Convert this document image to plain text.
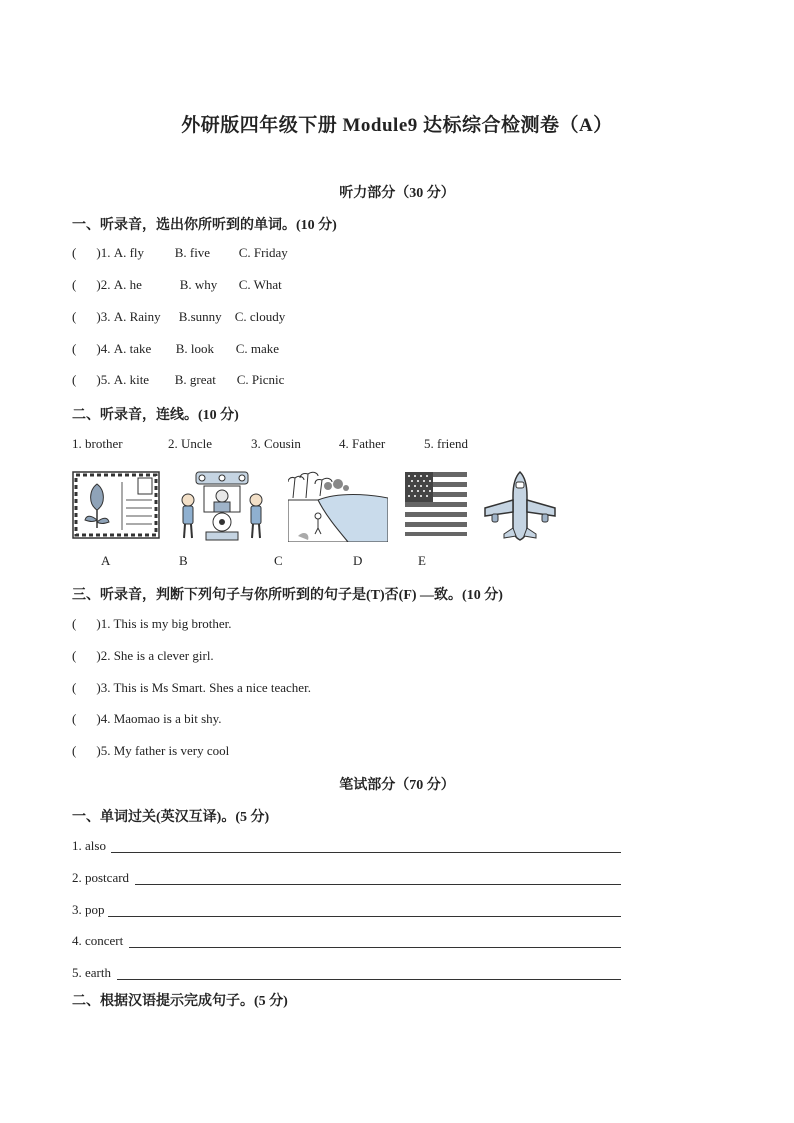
外研版四年级下册 Module9 达标综合检测卷（A）
听力部分（30 分）
一、听录音，选出你所听到的单词。(10 分)
( )1. A. fly B. five C. Friday
( )2. A. he	B. why C. What
( )3. A. Rainy B.sunny C. cloudy
( )4. A. take B. look C. make
( )5. A. kite B. great C. Picnic
二、听录音，连线。(10 分)
1. brother	2. Uncle	3. Cousin	4. Father	5. friend
A	B	C	D	E
三、听录音，判断下列句子与你所听到的句子是(T)否(F) —致。(10 分)
( )1. This is my big brother.
( )2. She is a clever girl.
( )3. This is Ms Smart. Shes a nice teacher.
( )4. Maomao is a bit shy.
( )5. My father is very cool
笔试部分（70 分）
一、单词过关(英汉互译)。(5 分)
1. also
2. postcard
3. pop
4. concert
5. earth
二、根据汉语提示完成句子。(5 分)
